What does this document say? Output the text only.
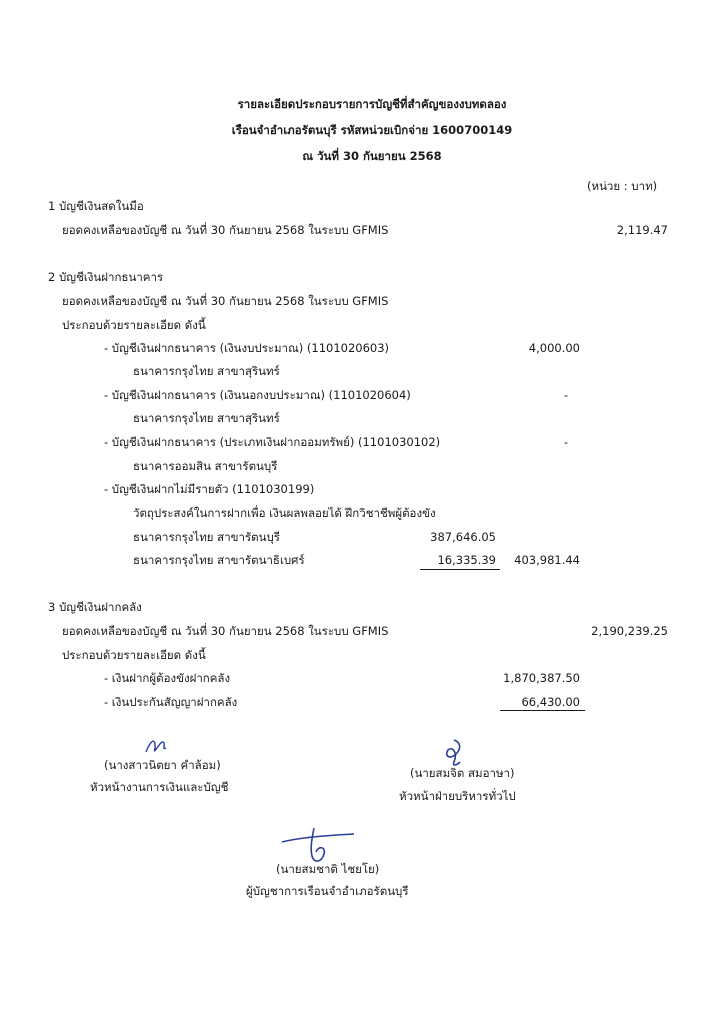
รายละเอียดประกอบรายการบัญชีที่สำคัญของงบทดลอง
เรือนจำอำเภอรัตนบุรี รหัสหน่วยเบิกจ่าย 1600700149
ณ วันที่ 30 กันยายน 2568
(หน่วย : บาท)
1 บัญชีเงินสดในมือ
ยอดคงเหลือของบัญชี ณ วันที่ 30 กันยายน 2568 ในระบบ GFMIS	2,119.47
2 บัญชีเงินฝากธนาคาร
ยอดคงเหลือของบัญชี ณ วันที่ 30 กันยายน 2568 ในระบบ GFMIS
ประกอบด้วยรายละเอียด ดังนี้
- บัญชีเงินฝากธนาคาร (เงินงบประมาณ) (1101020603)	4,000.00
ธนาคารกรุงไทย สาขาสุรินทร์
- บัญชีเงินฝากธนาคาร (เงินนอกงบประมาณ) (1101020604)	-
ธนาคารกรุงไทย สาขาสุรินทร์
- บัญชีเงินฝากธนาคาร (ประเภทเงินฝากออมทรัพย์) (1101030102)	-
ธนาคารออมสิน สาขารัตนบุรี
- บัญชีเงินฝากไม่มีรายตัว (1101030199)
วัตถุประสงค์ในการฝากเพื่อ เงินผลพลอยได้ ฝึกวิชาชีพผู้ต้องขัง
ธนาคารกรุงไทย สาขารัตนบุรี	387,646.05
ธนาคารกรุงไทย สาขารัตนาธิเบศร์	16,335.39	403,981.44
3 บัญชีเงินฝากคลัง
ยอดคงเหลือของบัญชี ณ วันที่ 30 กันยายน 2568 ในระบบ GFMIS	2,190,239.25
ประกอบด้วยรายละเอียด ดังนี้
- เงินฝากผู้ต้องขังฝากคลัง	1,870,387.50
- เงินประกันสัญญาฝากคลัง	66,430.00
(นางสาวนิตยา คำล้อม)
หัวหน้างานการเงินและบัญชี
(นายสมจิต สมอาษา)
หัวหน้าฝ่ายบริหารทั่วไป
(นายสมชาติ ไชยโย)
ผู้บัญชาการเรือนจำอำเภอรัตนบุรี
